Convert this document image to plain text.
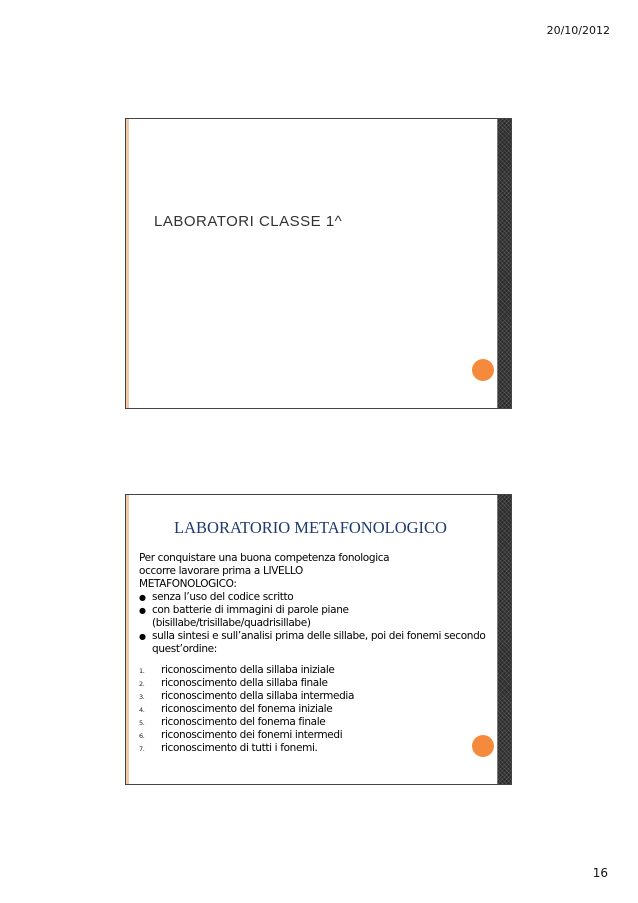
20/10/2012
LABORATORI CLASSE 1^
LABORATORIO METAFONOLOGICO

Per conquistare una buona competenza fonologica

occorre lavorare prima a LIVELLO

METAFONOLOGICO:

● senza l’uso del codice scritto
● con batterie di immagini di parole piane
(bisillabe/trisillabe/quadrisillabe)
● sulla sintesi e sull’analisi prima delle sillabe, poi dei fonemi secondo
quest’ordine:
1. riconoscimento della sillaba iniziale
2. riconoscimento della sillaba finale
3. riconoscimento della sillaba intermedia
4. riconoscimento del fonema iniziale
5. riconoscimento del fonema finale
6. riconoscimento dei fonemi intermedi
7. riconoscimento di tutti i fonemi.
16
